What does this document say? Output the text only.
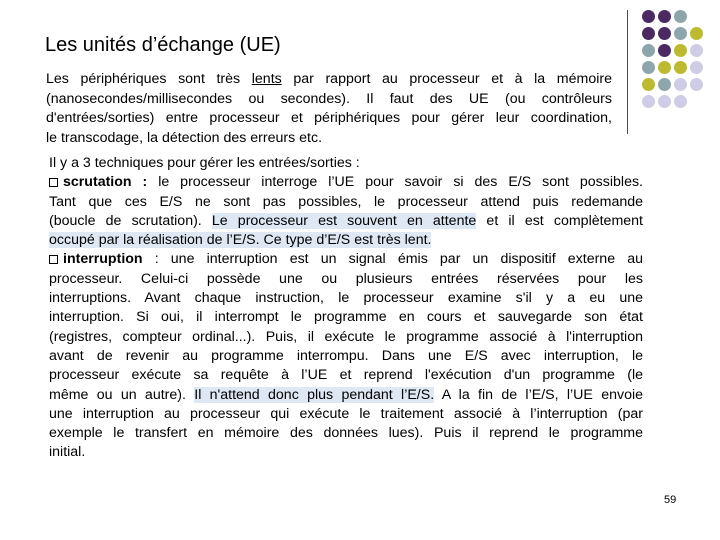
Les unités d’échange (UE)
Les périphériques sont très lents par rapport au processeur et à la mémoire
(nanosecondes/millisecondes ou secondes). Il faut des UE (ou contrôleurs
d'entrées/sorties) entre processeur et périphériques pour gérer leur coordination,
le transcodage, la détection des erreurs etc.
Il y a 3 techniques pour gérer les entrées/sorties :
scrutation : le processeur interroge l’UE pour savoir si des E/S sont possibles.
Tant que ces E/S ne sont pas possibles, le processeur attend puis redemande
(boucle de scrutation). Le processeur est souvent en attente et il est complètement
occupé par la réalisation de l’E/S. Ce type d’E/S est très lent.
interruption : une interruption est un signal émis par un dispositif externe au
processeur. Celui-ci possède une ou plusieurs entrées réservées pour les
interruptions. Avant chaque instruction, le processeur examine s'il y a eu une
interruption. Si oui, il interrompt le programme en cours et sauvegarde son état
(registres, compteur ordinal...). Puis, il exécute le programme associé à l'interruption
avant de revenir au programme interrompu. Dans une E/S avec interruption, le
processeur exécute sa requête à l’UE et reprend l'exécution d'un programme (le
même ou un autre). Il n'attend donc plus pendant l’E/S. A la fin de l’E/S, l’UE envoie
une interruption au processeur qui exécute le traitement associé à l’interruption (par
exemple le transfert en mémoire des données lues). Puis il reprend le programme
initial.
59
